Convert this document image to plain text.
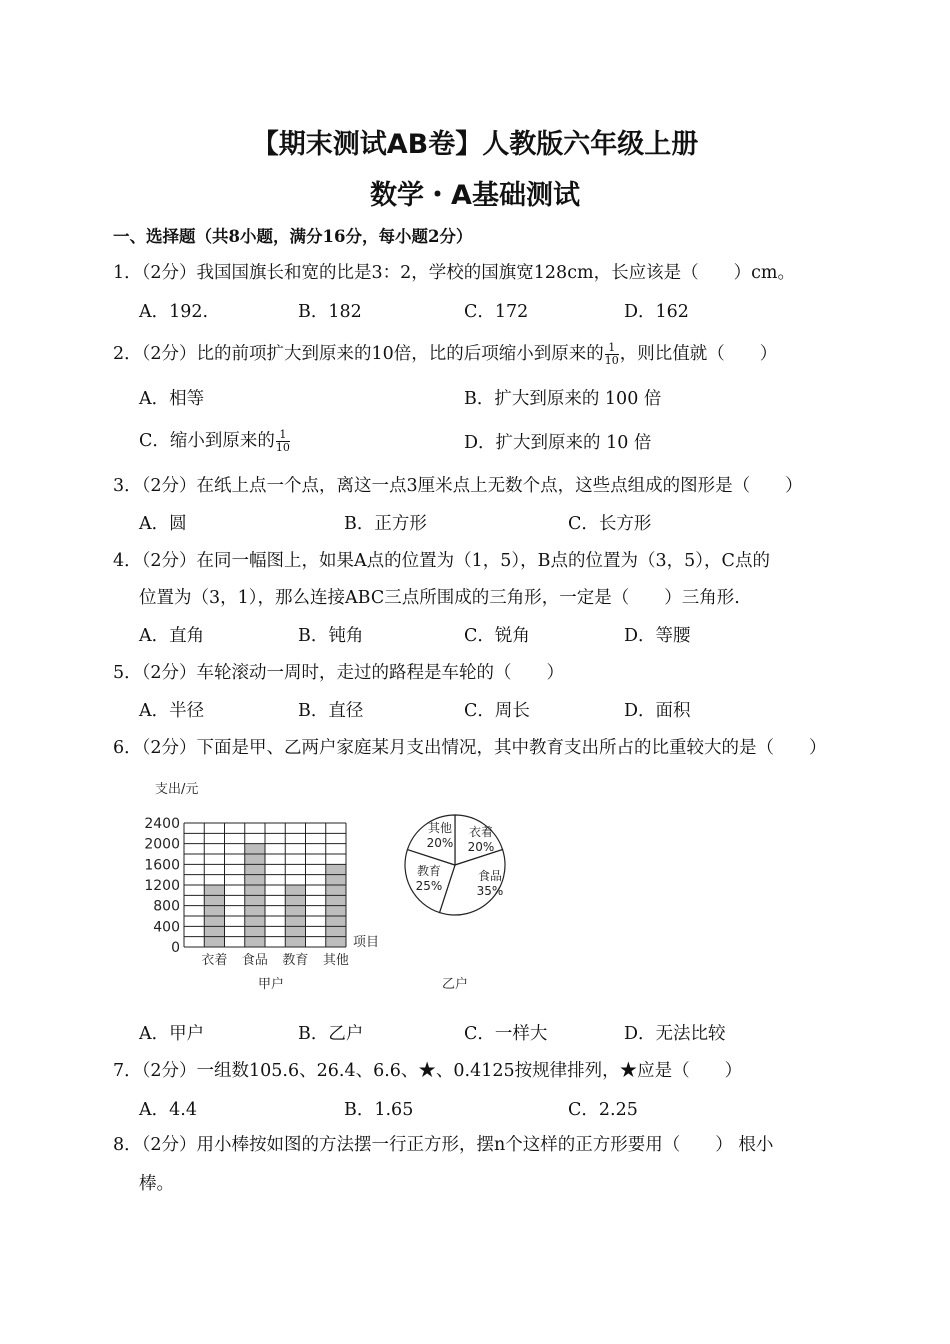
【期末测试AB卷】人教版六年级上册
数学・A基础测试
一、选择题（共8小题，满分16分，每小题2分）
1．（2分）我国国旗长和宽的比是3：2，学校的国旗宽128cm，长应该是（　　）cm。
A．192.	B．182	C．172	D．162
2．（2分）比的前项扩大到原来的10倍，比的后项缩小到原来的 $\frac{1}{10}$ ，则比值就（　　）
A．相等	B．扩大到原来的 100 倍
C．缩小到原来的 $\frac{1}{10}$	D．扩大到原来的 10 倍
3．（2分）在纸上点一个点，离这一点3厘米点上无数个点，这些点组成的图形是（　　）
A．圆	B．正方形	C．长方形
4．（2分）在同一幅图上，如果A点的位置为（1，5），B点的位置为（3，5），C点的
位置为（3，1），那么连接ABC三点所围成的三角形，一定是（　　）三角形.
A．直角	B．钝角	C．锐角	D．等腰
5．（2分）车轮滚动一周时，走过的路程是车轮的（　　）
A．半径	B．直径	C．周长	D．面积
6．（2分）下面是甲、乙两户家庭某月支出情况，其中教育支出所占的比重较大的是（　　）
0
400
800
1200
1600
2000
2400
衣着 食品 教育 其他
支出/元
项目
甲户
衣着
20%
食品
35%
教育
25%
其他
20%
乙户
A．甲户	B．乙户	C．一样大	D．无法比较
7．（2分）一组数105.6、26.4、6.6、★、0.4125按规律排列，★应是（　　）
A．4.4	B．1.65	C．2.25
8．（2分）用小棒按如图的方法摆一行正方形，摆n个这样的正方形要用（　　） 根小
棒。
